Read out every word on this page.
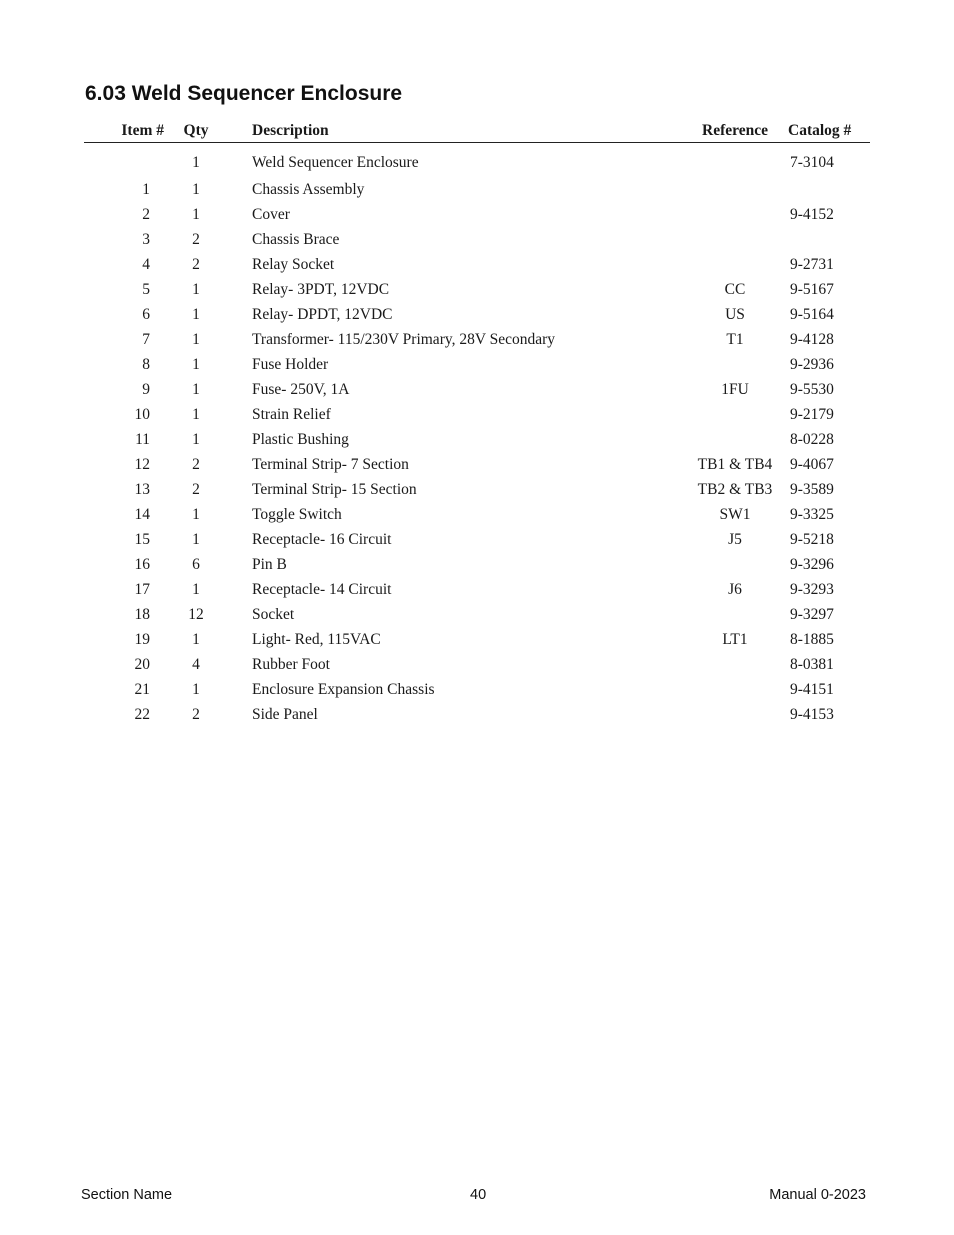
6.03 Weld Sequencer Enclosure
Item #	Qty	Description	Reference	Catalog #
	1	Weld Sequencer Enclosure		7-3104
1	1	Chassis Assembly		
2	1	Cover		9-4152
3	2	Chassis Brace		
4	2	Relay Socket		9-2731
5	1	Relay- 3PDT, 12VDC	CC	9-5167
6	1	Relay- DPDT, 12VDC	US	9-5164
7	1	Transformer- 115/230V Primary, 28V Secondary	T1	9-4128
8	1	Fuse Holder		9-2936
9	1	Fuse- 250V, 1A	1FU	9-5530
10	1	Strain Relief		9-2179
11	1	Plastic Bushing		8-0228
12	2	Terminal Strip- 7 Section	TB1 & TB4	9-4067
13	2	Terminal Strip- 15 Section	TB2 & TB3	9-3589
14	1	Toggle Switch	SW1	9-3325
15	1	Receptacle- 16 Circuit	J5	9-5218
16	6	Pin B		9-3296
17	1	Receptacle- 14 Circuit	J6	9-3293
18	12	Socket		9-3297
19	1	Light- Red, 115VAC	LT1	8-1885
20	4	Rubber Foot		8-0381
21	1	Enclosure Expansion Chassis		9-4151
22	2	Side Panel		9-4153
Section Name	40	Manual 0-2023
